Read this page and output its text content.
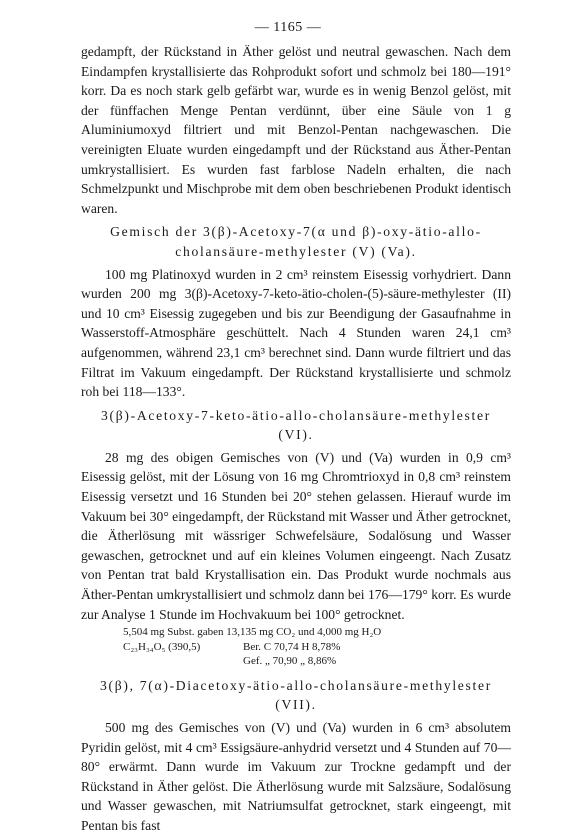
— 1165 —

gedampft, der Rückstand in Äther gelöst und neutral gewaschen. Nach dem Eindampfen krystallisierte das Rohprodukt sofort und schmolz bei 180—191° korr. Da es noch stark gelb gefärbt war, wurde es in wenig Benzol gelöst, mit der fünffachen Menge Pentan verdünnt, über eine Säule von 1 g Aluminiumoxyd filtriert und mit Benzol-Pentan nachgewaschen. Die vereinigten Eluate wurden eingedampft und der Rückstand aus Äther-Pentan umkrystallisiert. Es wurden fast farblose Nadeln erhalten, die nach Schmelzpunkt und Mischprobe mit dem oben beschriebenen Produkt identisch waren.

Gemisch der 3(β)-Acetoxy-7(α und β)-oxy-ätio-allo-cholansäure-methylester (V) (Va).

100 mg Platinoxyd wurden in 2 cm³ reinstem Eisessig vorhydriert. Dann wurden 200 mg 3(β)-Acetoxy-7-keto-ätio-cholen-(5)-säure-methylester (II) und 10 cm³ Eisessig zugegeben und bis zur Beendigung der Gasaufnahme in Wasserstoff-Atmosphäre geschüttelt. Nach 4 Stunden waren 24,1 cm³ aufgenommen, während 23,1 cm³ berechnet sind. Dann wurde filtriert und das Filtrat im Vakuum eingedampft. Der Rückstand krystallisierte und schmolz roh bei 118—133°.

3(β)-Acetoxy-7-keto-ätio-allo-cholansäure-methylester (VI).

28 mg des obigen Gemisches von (V) und (Va) wurden in 0,9 cm³ Eisessig gelöst, mit der Lösung von 16 mg Chromtrioxyd in 0,8 cm³ reinstem Eisessig versetzt und 16 Stunden bei 20° stehen gelassen. Hierauf wurde im Vakuum bei 30° eingedampft, der Rückstand mit Wasser und Äther getrocknet, die Ätherlösung mit wässriger Schwefelsäure, Sodalösung und Wasser gewaschen, getrocknet und auf ein kleines Volumen eingeengt. Nach Zusatz von Pentan trat bald Krystallisation ein. Das Produkt wurde nochmals aus Äther-Pentan umkrystallisiert und schmolz dann bei 176—179° korr. Es wurde zur Analyse 1 Stunde im Hochvakuum bei 100° getrocknet.

5,504 mg Subst. gaben 13,135 mg CO₂ und 4,000 mg H₂O
C₂₃H₃₄O₅ (390,5)	Ber. C 70,74 H 8,78%
Gef. „ 70,90 „ 8,86%
3(β), 7(α)-Diacetoxy-ätio-allo-cholansäure-methylester (VII).

500 mg des Gemisches von (V) und (Va) wurden in 6 cm³ absolutem Pyridin gelöst, mit 4 cm³ Essigsäure-anhydrid versetzt und 4 Stunden auf 70—80° erwärmt. Dann wurde im Vakuum zur Trockne gedampft und der Rückstand in Äther gelöst. Die Ätherlösung wurde mit Salzsäure, Sodalösung und Wasser gewaschen, mit Natriumsulfat getrocknet, stark eingeengt, mit Pentan bis fast
